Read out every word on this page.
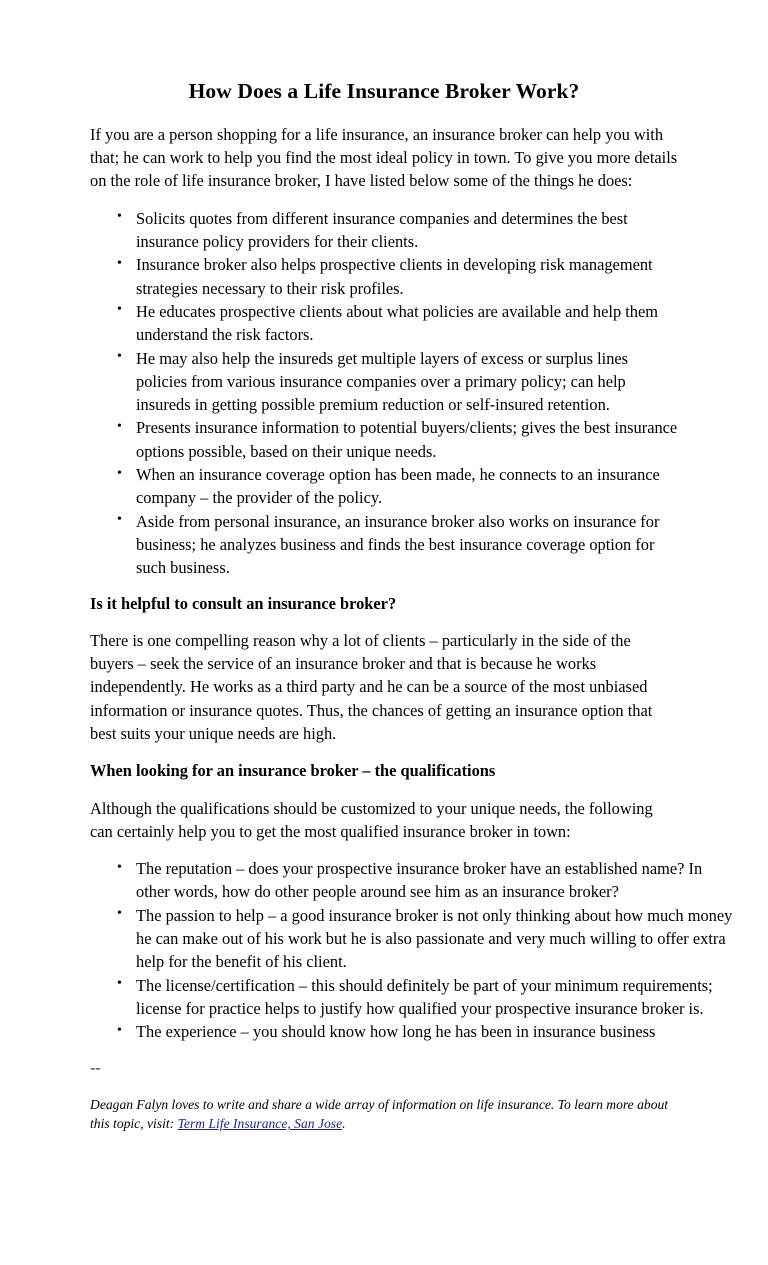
How Does a Life Insurance Broker Work?

If you are a person shopping for a life insurance, an insurance broker can help you with that; he can work to help you find the most ideal policy in town. To give you more details on the role of life insurance broker, I have listed below some of the things he does:

• Solicits quotes from different insurance companies and determines the best insurance policy providers for their clients.
• Insurance broker also helps prospective clients in developing risk management strategies necessary to their risk profiles.
• He educates prospective clients about what policies are available and help them understand the risk factors.
• He may also help the insureds get multiple layers of excess or surplus lines policies from various insurance companies over a primary policy; can help insureds in getting possible premium reduction or self-insured retention.
• Presents insurance information to potential buyers/clients; gives the best insurance options possible, based on their unique needs.
• When an insurance coverage option has been made, he connects to an insurance company – the provider of the policy.
• Aside from personal insurance, an insurance broker also works on insurance for business; he analyzes business and finds the best insurance coverage option for such business.
Is it helpful to consult an insurance broker?

There is one compelling reason why a lot of clients – particularly in the side of the buyers – seek the service of an insurance broker and that is because he works independently. He works as a third party and he can be a source of the most unbiased information or insurance quotes. Thus, the chances of getting an insurance option that best suits your unique needs are high.

When looking for an insurance broker – the qualifications

Although the qualifications should be customized to your unique needs, the following can certainly help you to get the most qualified insurance broker in town:

• The reputation – does your prospective insurance broker have an established name? In other words, how do other people around see him as an insurance broker?
• The passion to help – a good insurance broker is not only thinking about how much money he can make out of his work but he is also passionate and very much willing to offer extra help for the benefit of his client.
• The license/certification – this should definitely be part of your minimum requirements; license for practice helps to justify how qualified your prospective insurance broker is.
• The experience – you should know how long he has been in insurance business
--

Deagan Falyn loves to write and share a wide array of information on life insurance. To learn more about this topic, visit: Term Life Insurance, San Jose.
